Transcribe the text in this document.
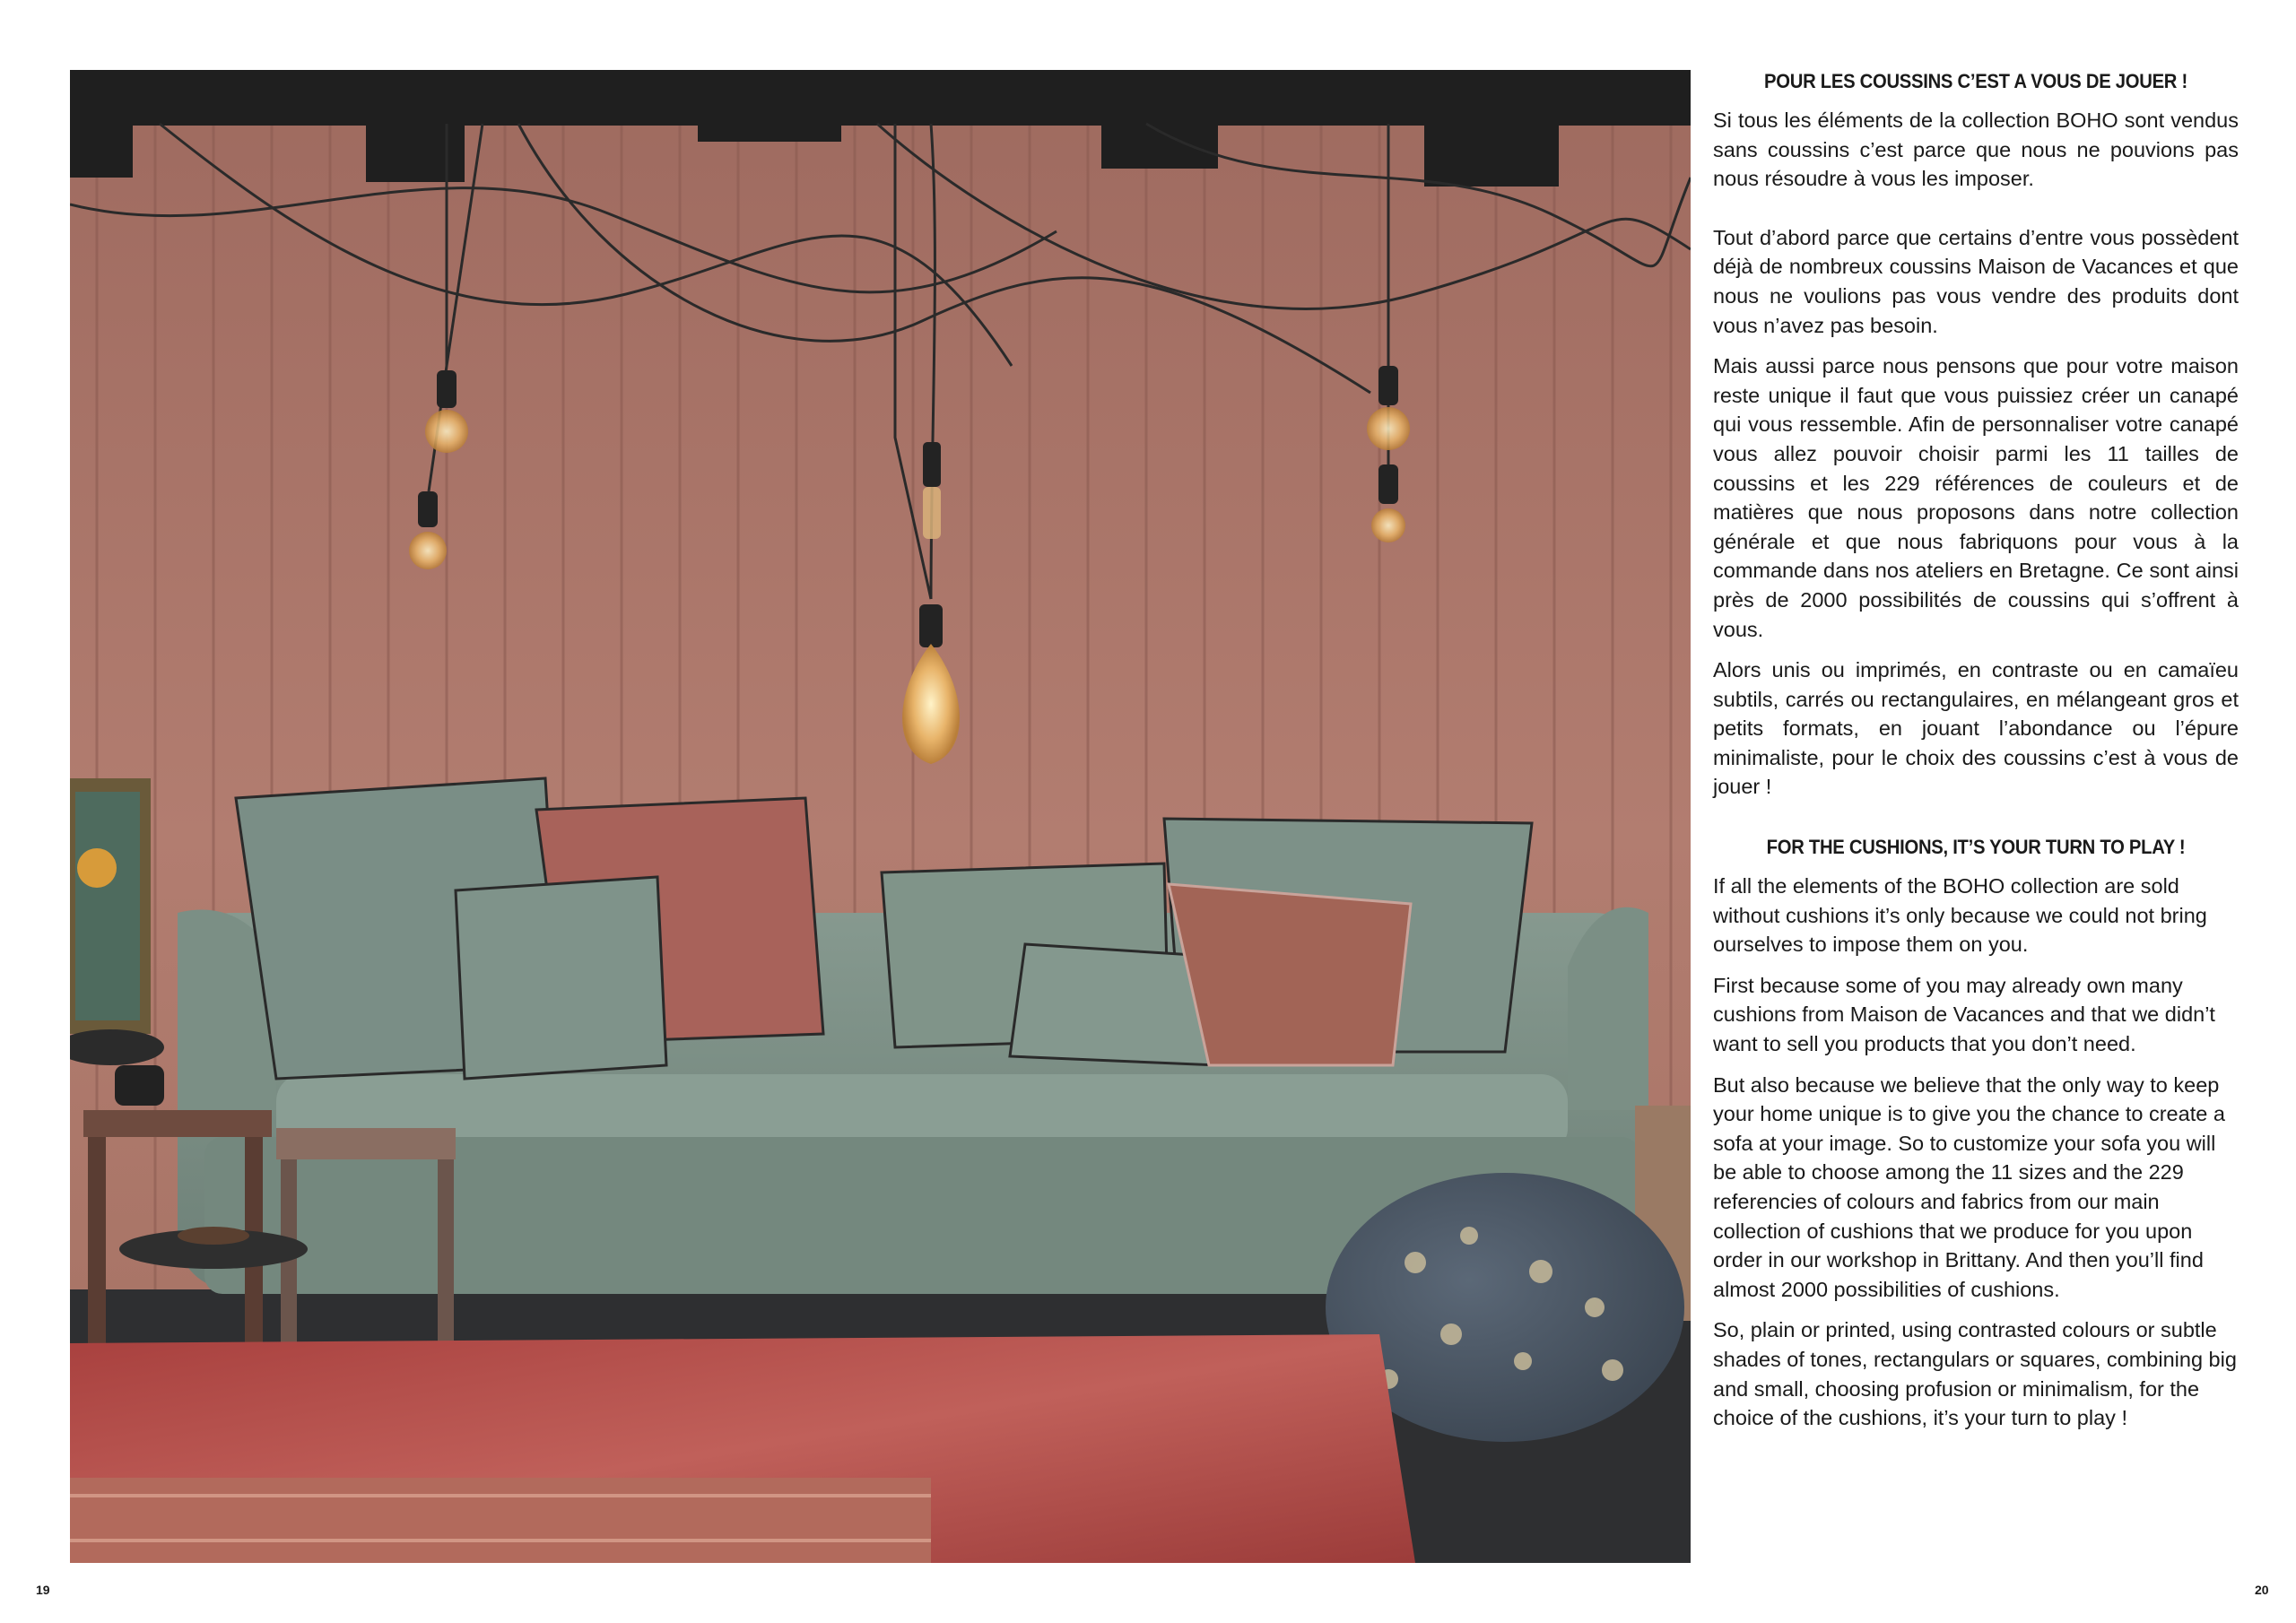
POUR LES COUSSINS C’EST A VOUS DE JOUER !

Si tous les éléments de la collection BOHO sont vendus sans coussins c’est parce que nous ne pouvions pas nous résoudre à vous les imposer.

Tout d’abord parce que certains d’entre vous possèdent déjà de nombreux coussins Maison de Vacances et que nous ne voulions pas vous vendre des produits dont vous n’avez pas besoin.

Mais aussi parce nous pensons que pour votre maison reste unique il faut que vous puissiez créer un canapé qui vous ressemble. Afin de personnaliser votre canapé vous allez pouvoir choisir parmi les 11 tailles de coussins et les 229 références de couleurs et de matières que nous proposons dans notre collection générale et que nous fabriquons pour vous à la commande dans nos ateliers en Bretagne. Ce sont ainsi près de 2000 possibilités de coussins qui s’offrent à vous.

Alors unis ou imprimés, en contraste ou en camaïeu subtils, carrés ou rectangulaires, en mélangeant gros et petits formats, en jouant l’abondance ou l’épure minimaliste, pour le choix des coussins c’est à vous de jouer !

FOR THE CUSHIONS, IT’S YOUR TURN TO PLAY !

If all the elements of the BOHO collection are sold without cushions it’s only because we could not bring ourselves to impose them on you.

First because some of you may already own many cushions from Maison de Vacances and that we didn’t want to sell you products that you don’t need.

But also because we believe that the only way to keep your home unique is to give you the chance to create a sofa at your image. So to customize your sofa you will be able to choose among the 11 sizes and the 229 referencies of colours and fabrics from our main collection of cushions that we produce for you upon order in our workshop in Brittany. And then you’ll find almost 2000 possibilities of cushions.

So, plain or printed, using contrasted colours or subtle shades of tones, rectangulars or squares, combining big and small, choosing profusion or minimalism, for the choice of the cushions, it’s your turn to play !

19	20
